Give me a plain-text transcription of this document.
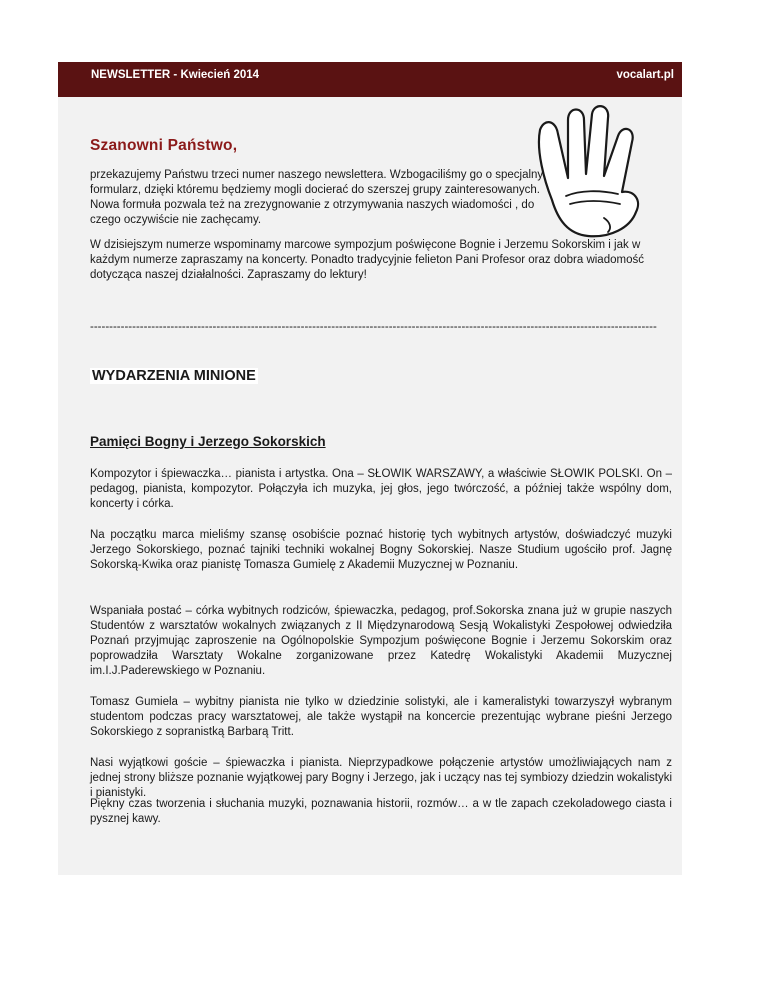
NEWSLETTER - Kwiecień 2014	vocalart.pl
Szanowni Państwo,

przekazujemy Państwu trzeci numer naszego newslettera. Wzbogaciliśmy go o specjalny formularz, dzięki któremu będziemy mogli docierać do szerszej grupy zainteresowanych. Nowa formuła pozwala też na zrezygnowanie z otrzymywania naszych wiadomości , do czego oczywiście nie zachęcamy.

W dzisiejszym numerze wspominamy marcowe sympozjum poświęcone Bognie i Jerzemu Sokorskim i jak w każdym numerze zapraszamy na koncerty. Ponadto tradycyjnie felieton Pani Profesor oraz dobra wiadomość dotycząca naszej działalności. Zapraszamy do lektury!

----------------------------------------------------------------------------------------------------------------------------------------------------
WYDARZENIA MINIONE
Pamięci Bogny i Jerzego Sokorskich

Kompozytor i śpiewaczka… pianista i artystka. Ona – SŁOWIK WARSZAWY, a właściwie SŁOWIK POLSKI. On – pedagog, pianista, kompozytor. Połączyła ich muzyka, jej głos, jego twórczość, a później także wspólny dom, koncerty i córka.

Na początku marca mieliśmy szansę osobiście poznać historię tych wybitnych artystów, doświadczyć muzyki Jerzego Sokorskiego, poznać tajniki techniki wokalnej Bogny Sokorskiej. Nasze Studium ugościło prof. Jagnę Sokorską-Kwika oraz pianistę Tomasza Gumielę z Akademii Muzycznej w Poznaniu.

Wspaniała postać – córka wybitnych rodziców, śpiewaczka, pedagog, prof.Sokorska znana już w grupie naszych Studentów z warsztatów wokalnych związanych z II Międzynarodową Sesją Wokalistyki Zespołowej odwiedziła Poznań przyjmując zaproszenie na Ogólnopolskie Sympozjum poświęcone Bognie i Jerzemu Sokorskim oraz poprowadziła Warsztaty Wokalne zorganizowane przez Katedrę Wokalistyki Akademii Muzycznej im.I.J.Paderewskiego w Poznaniu.

Tomasz Gumiela – wybitny pianista nie tylko w dziedzinie solistyki, ale i kameralistyki towarzyszył wybranym studentom podczas pracy warsztatowej, ale także wystąpił na koncercie prezentując wybrane pieśni Jerzego Sokorskiego z sopranistką Barbarą Tritt.

Nasi wyjątkowi goście – śpiewaczka i pianista. Nieprzypadkowe połączenie artystów umożliwiających nam z jednej strony bliższe poznanie wyjątkowej pary Bogny i Jerzego, jak i uczący nas tej symbiozy dziedzin wokalistyki i pianistyki.

Piękny czas tworzenia i słuchania muzyki, poznawania historii, rozmów… a w tle zapach czekoladowego ciasta i pysznej kawy.
